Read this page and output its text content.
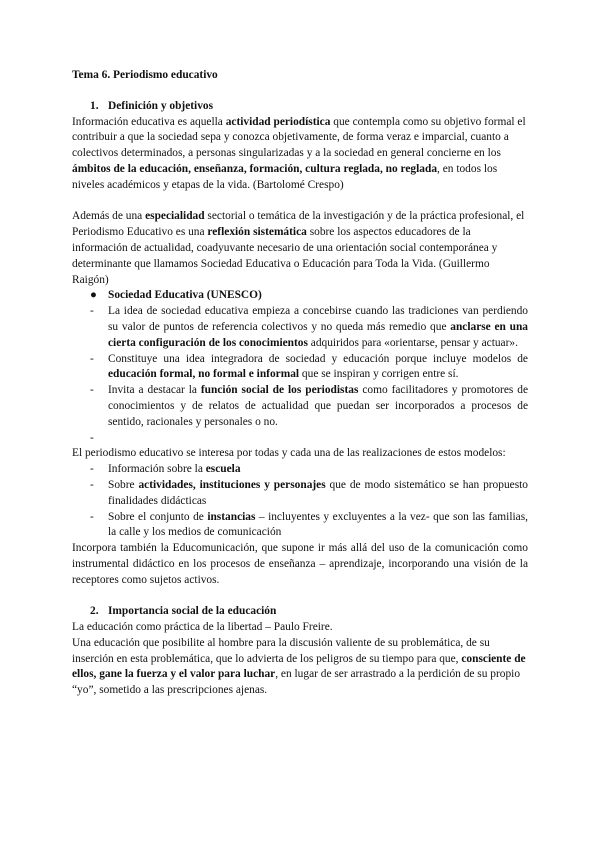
Tema 6. Periodismo educativo

1. Definición y objetivos

Información educativa es aquella actividad periodística que contempla como su objetivo formal el contribuir a que la sociedad sepa y conozca objetivamente, de forma veraz e imparcial, cuanto a colectivos determinados, a personas singularizadas y a la sociedad en general concierne en los ámbitos de la educación, enseñanza, formación, cultura reglada, no reglada, en todos los niveles académicos y etapas de la vida. (Bartolomé Crespo)

Además de una especialidad sectorial o temática de la investigación y de la práctica profesional, el Periodismo Educativo es una reflexión sistemática sobre los aspectos educadores de la información de actualidad, coadyuvante necesario de una orientación social contemporánea y determinante que llamamos Sociedad Educativa o Educación para Toda la Vida. (Guillermo Raigón)

● Sociedad Educativa (UNESCO)
- La idea de sociedad educativa empieza a concebirse cuando las tradiciones van perdiendo su valor de puntos de referencia colectivos y no queda más remedio que anclarse en una cierta configuración de los conocimientos adquiridos para «orientarse, pensar y actuar».
- Constituye una idea integradora de sociedad y educación porque incluye modelos de educación formal, no formal e informal que se inspiran y corrigen entre sí.
- Invita a destacar la función social de los periodistas como facilitadores y promotores de conocimientos y de relatos de actualidad que puedan ser incorporados a procesos de sentido, racionales y personales o no.
-

El periodismo educativo se interesa por todas y cada una de las realizaciones de estos modelos:

- Información sobre la escuela
- Sobre actividades, instituciones y personajes que de modo sistemático se han propuesto finalidades didácticas
- Sobre el conjunto de instancias – incluyentes y excluyentes a la vez- que son las familias, la calle y los medios de comunicación

Incorpora también la Educomunicación, que supone ir más allá del uso de la comunicación como instrumental didáctico en los procesos de enseñanza – aprendizaje, incorporando una visión de la receptores como sujetos activos.

2. Importancia social de la educación

La educación como práctica de la libertad – Paulo Freire.

Una educación que posibilite al hombre para la discusión valiente de su problemática, de su inserción en esta problemática, que lo advierta de los peligros de su tiempo para que, consciente de ellos, gane la fuerza y el valor para luchar, en lugar de ser arrastrado a la perdición de su propio “yo”, sometido a las prescripciones ajenas.
